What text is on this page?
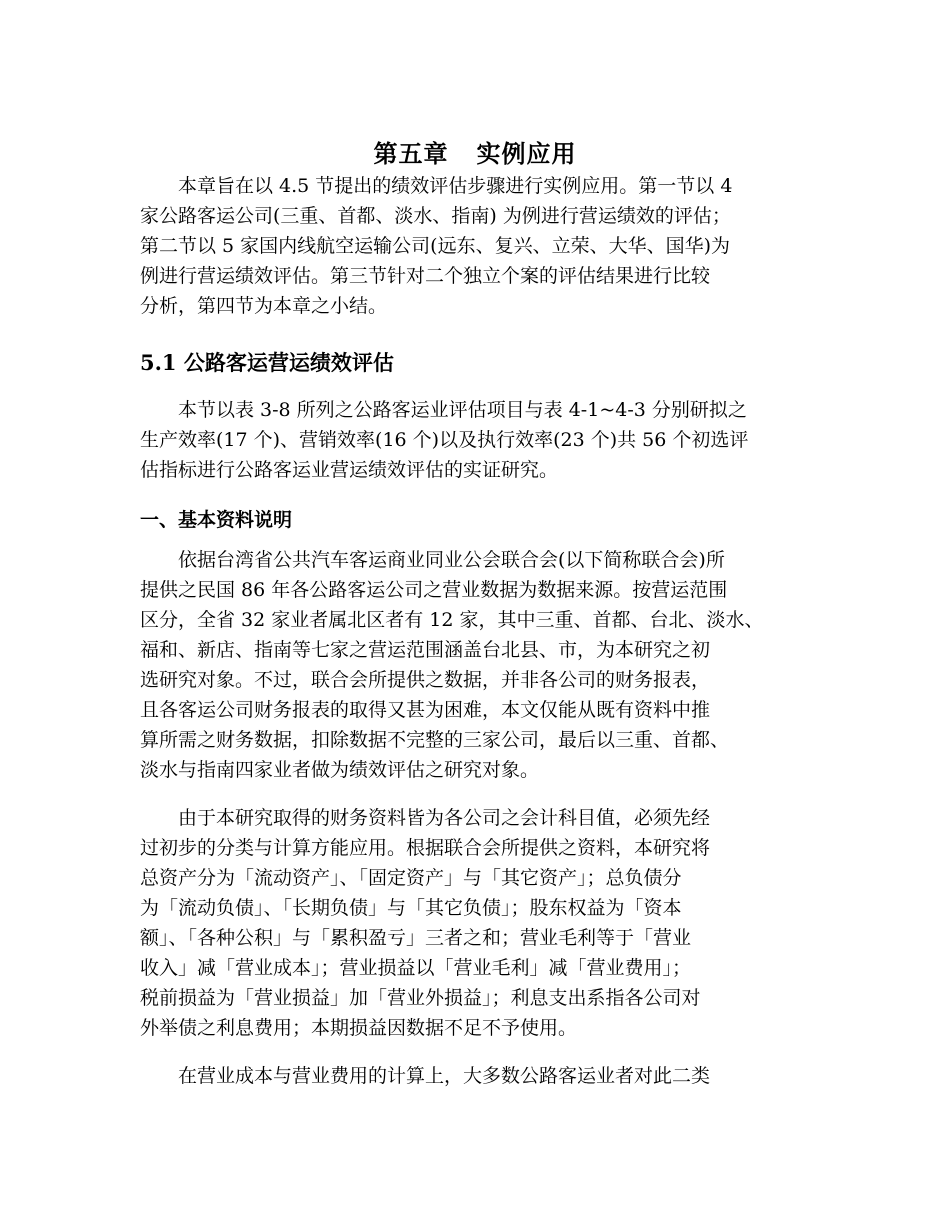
第五章 实例应用
　　本章旨在以 4.5 节提出的绩效评估步骤进行实例应用。第一节以 4
家公路客运公司(三重、首都、淡水、指南) 为例进行营运绩效的评估；
第二节以 5 家国内线航空运输公司(远东、复兴、立荣、大华、国华)为
例进行营运绩效评估。第三节针对二个独立个案的评估结果进行比较
分析，第四节为本章之小结。
5.1 公路客运营运绩效评估
　　本节以表 3-8 所列之公路客运业评估项目与表 4-1~4-3 分别研拟之
生产效率(17 个)、营销效率(16 个)以及执行效率(23 个)共 56 个初选评
估指标进行公路客运业营运绩效评估的实证研究。
一、基本资料说明
　　依据台湾省公共汽车客运商业同业公会联合会(以下简称联合会)所
提供之民国 86 年各公路客运公司之营业数据为数据来源。按营运范围
区分，全省 32 家业者属北区者有 12 家，其中三重、首都、台北、淡水、
福和、新店、指南等七家之营运范围涵盖台北县、市，为本研究之初
选研究对象。不过，联合会所提供之数据，并非各公司的财务报表，
且各客运公司财务报表的取得又甚为困难，本文仅能从既有资料中推
算所需之财务数据，扣除数据不完整的三家公司，最后以三重、首都、
淡水与指南四家业者做为绩效评估之研究对象。
　　由于本研究取得的财务资料皆为各公司之会计科目值，必须先经
过初步的分类与计算方能应用。根据联合会所提供之资料，本研究将
总资产分为「流动资产」、「固定资产」与「其它资产」；总负债分
为「流动负债」、「长期负债」与「其它负债」；股东权益为「资本
额」、「各种公积」与「累积盈亏」三者之和；营业毛利等于「营业
收入」减「营业成本」；营业损益以「营业毛利」减「营业费用」；
税前损益为「营业损益」加「营业外损益」；利息支出系指各公司对
外举债之利息费用；本期损益因数据不足不予使用。
　　在营业成本与营业费用的计算上，大多数公路客运业者对此二类
